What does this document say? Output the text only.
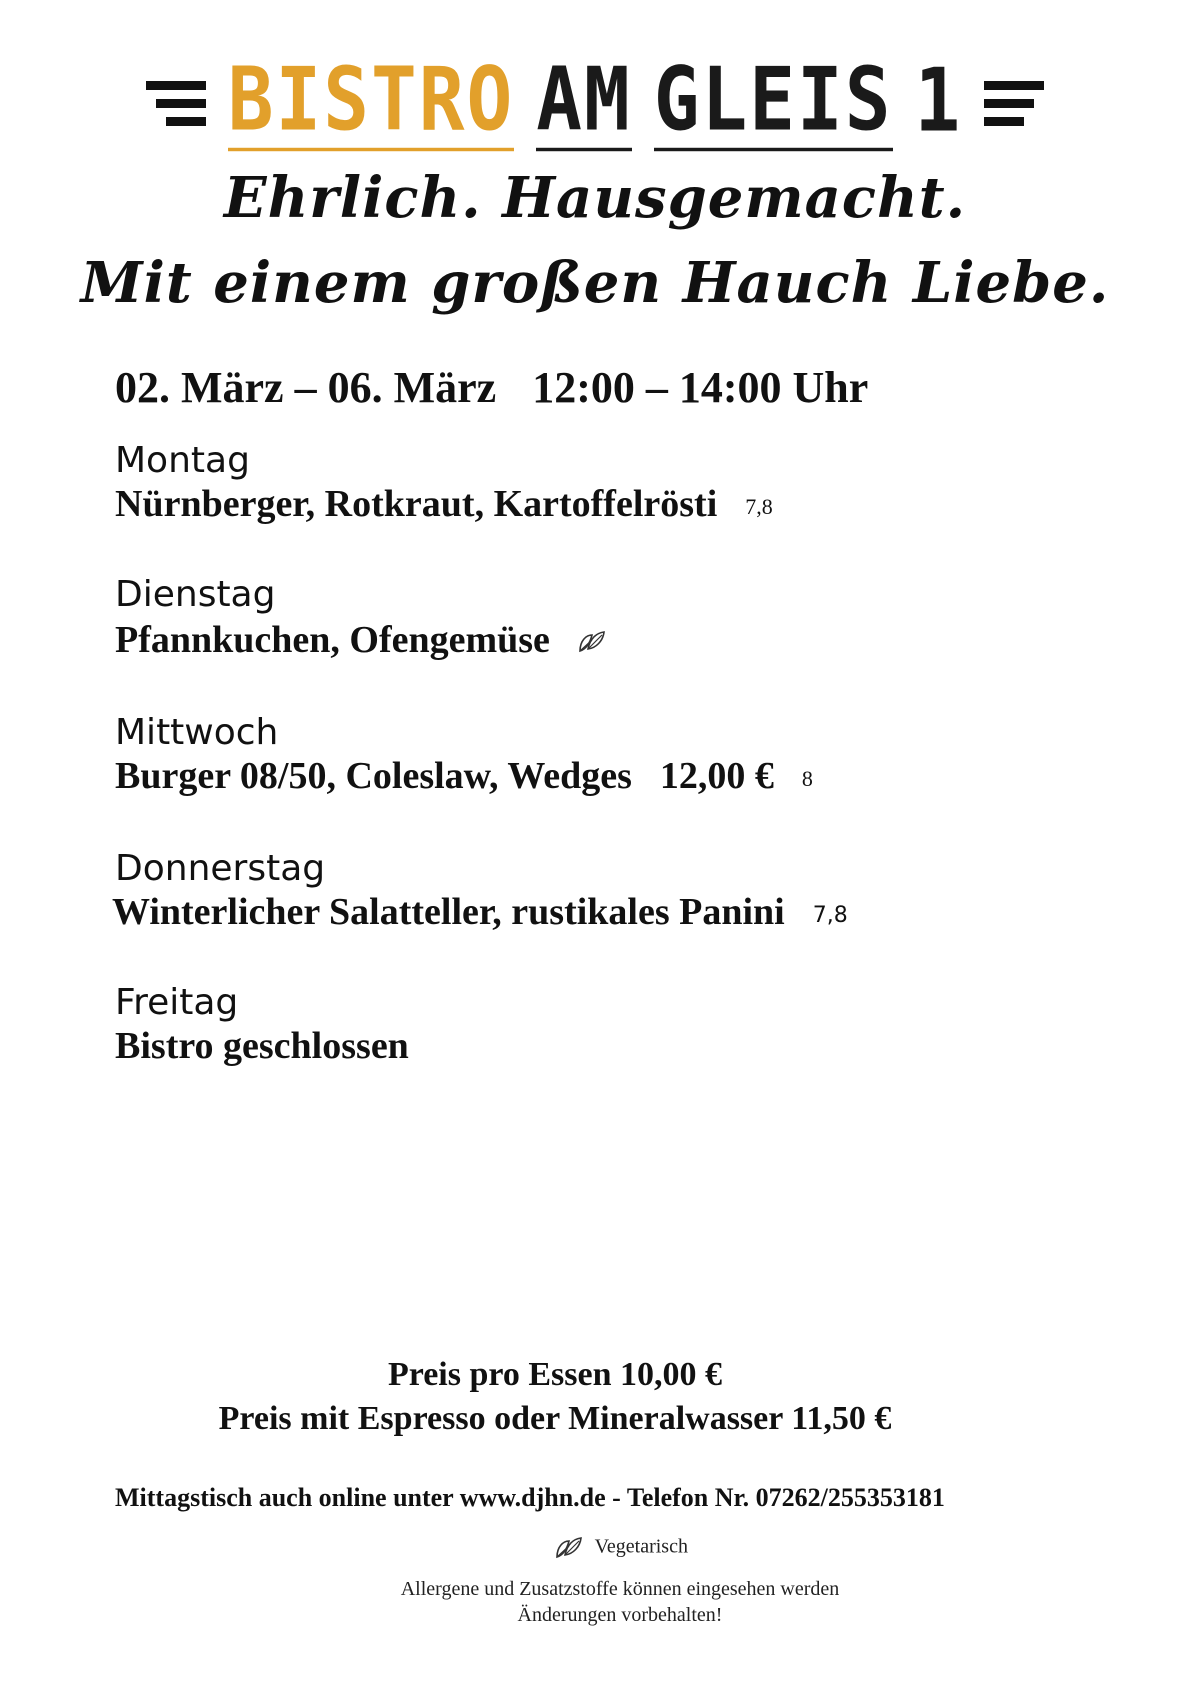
BISTRO AM GLEIS 1
Ehrlich. Hausgemacht.
Mit einem großen Hauch Liebe.
02. März – 06. März 12:00 – 14:00 Uhr
Montag
Nürnberger, Rotkraut, Kartoffelrösti 7,8
Dienstag
Pfannkuchen, Ofengemüse
Mittwoch
Burger 08/50, Coleslaw, Wedges 12,00 € 8
Donnerstag
Winterlicher Salatteller, rustikales Panini 7,8
Freitag
Bistro geschlossen
Preis pro Essen 10,00 €
Preis mit Espresso oder Mineralwasser 11,50 €
Mittagstisch auch online unter www.djhn.de - Telefon Nr. 07262/255353181
Vegetarisch
Allergene und Zusatzstoffe können eingesehen werden
Änderungen vorbehalten!
